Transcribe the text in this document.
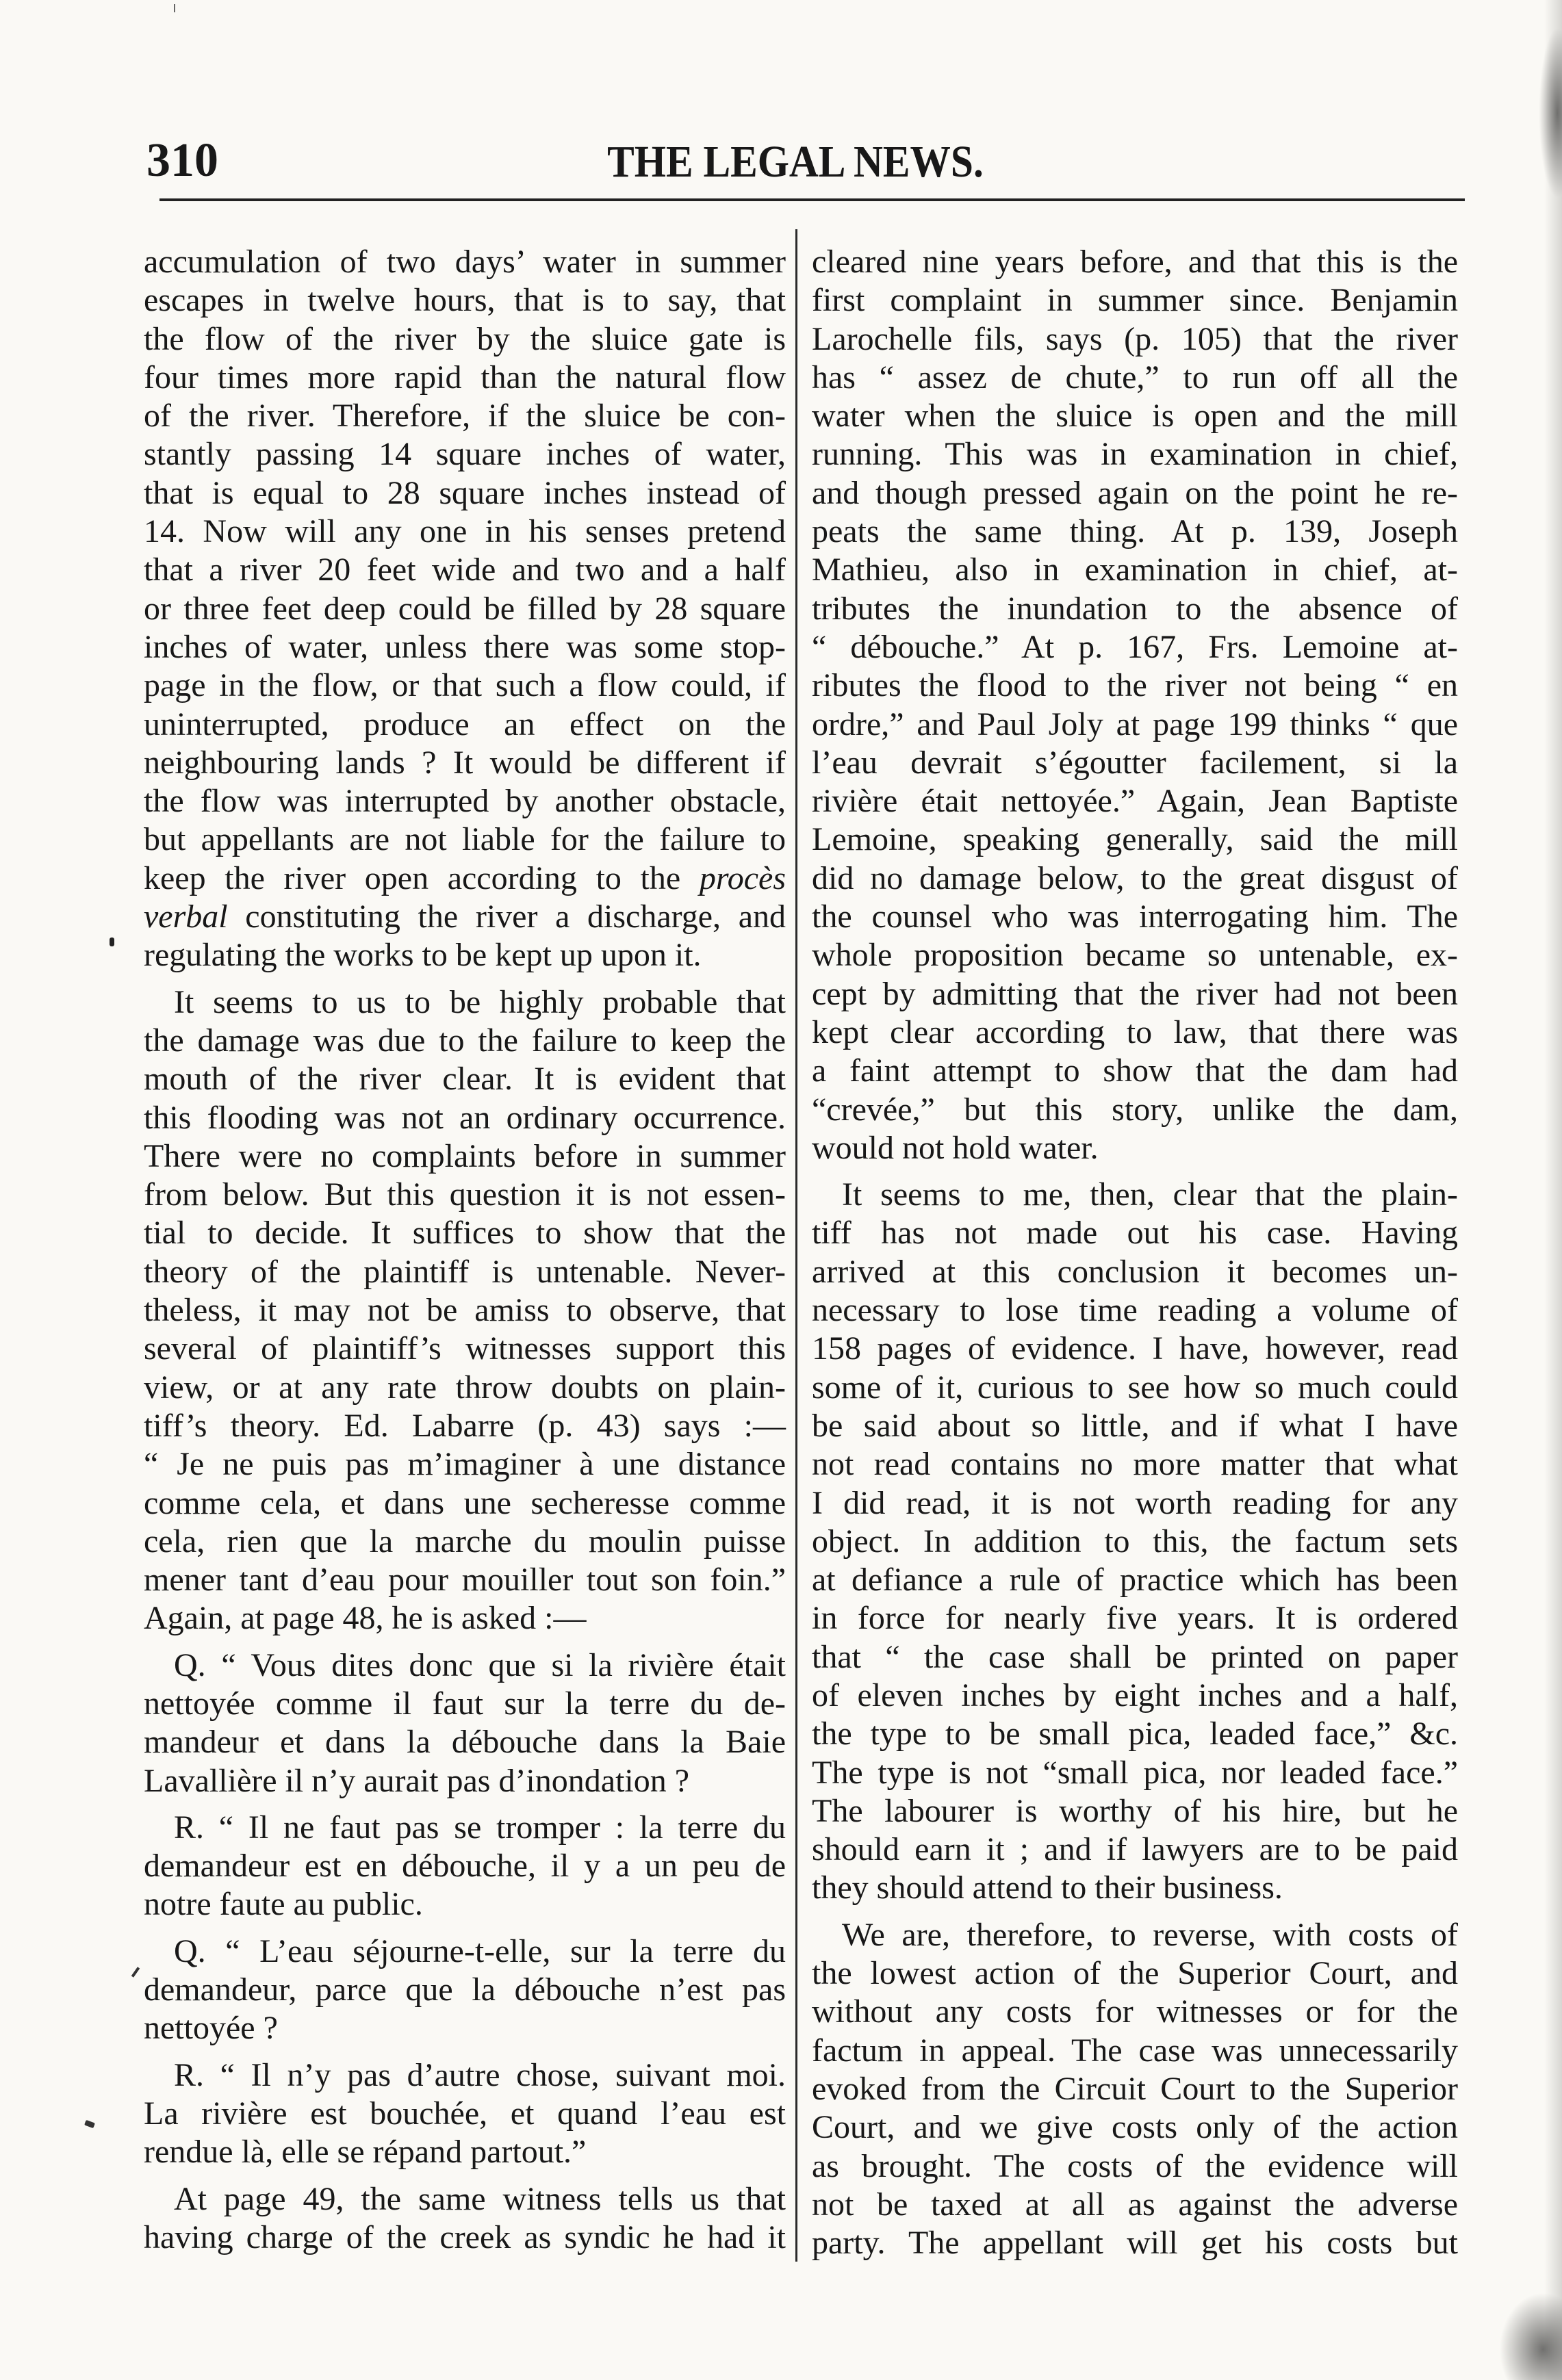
310	THE LEGAL NEWS.
accumulation of two days’ water in summer
escapes in twelve hours, that is to say, that
the flow of the river by the sluice gate is
four times more rapid than the natural flow
of the river. Therefore, if the sluice be con-
stantly passing 14 square inches of water,
that is equal to 28 square inches instead of
14. Now will any one in his senses pretend
that a river 20 feet wide and two and a half
or three feet deep could be filled by 28 square
inches of water, unless there was some stop-
page in the flow, or that such a flow could, if
uninterrupted, produce an effect on the
neighbouring lands ? It would be different if
the flow was interrupted by another obstacle,
but appellants are not liable for the failure to
keep the river open according to the procès
verbal constituting the river a discharge, and
regulating the works to be kept up upon it.
It seems to us to be highly probable that
the damage was due to the failure to keep the
mouth of the river clear. It is evident that
this flooding was not an ordinary occurrence.
There were no complaints before in summer
from below. But this question it is not essen-
tial to decide. It suffices to show that the
theory of the plaintiff is untenable. Never-
theless, it may not be amiss to observe, that
several of plaintiff’s witnesses support this
view, or at any rate throw doubts on plain-
tiff’s theory. Ed. Labarre (p. 43) says :—
“ Je ne puis pas m’imaginer à une distance
comme cela, et dans une secheresse comme
cela, rien que la marche du moulin puisse
mener tant d’eau pour mouiller tout son foin.”
Again, at page 48, he is asked :—
Q. “ Vous dites donc que si la rivière était
nettoyée comme il faut sur la terre du de-
mandeur et dans la débouche dans la Baie
Lavallière il n’y aurait pas d’inondation ?
R. “ Il ne faut pas se tromper : la terre du
demandeur est en débouche, il y a un peu de
notre faute au public.
Q. “ L’eau séjourne-t-elle, sur la terre du
demandeur, parce que la débouche n’est pas
nettoyée ?
R. “ Il n’y pas d’autre chose, suivant moi.
La rivière est bouchée, et quand l’eau est
rendue là, elle se répand partout.”
At page 49, the same witness tells us that
having charge of the creek as syndic he had it
cleared nine years before, and that this is the
first complaint in summer since. Benjamin
Larochelle fils, says (p. 105) that the river
has “ assez de chute,” to run off all the
water when the sluice is open and the mill
running. This was in examination in chief,
and though pressed again on the point he re-
peats the same thing. At p. 139, Joseph
Mathieu, also in examination in chief, at-
tributes the inundation to the absence of
“ débouche.” At p. 167, Frs. Lemoine at-
ributes the flood to the river not being “ en
ordre,” and Paul Joly at page 199 thinks “ que
l’eau devrait s’égoutter facilement, si la
rivière était nettoyée.” Again, Jean Baptiste
Lemoine, speaking generally, said the mill
did no damage below, to the great disgust of
the counsel who was interrogating him. The
whole proposition became so untenable, ex-
cept by admitting that the river had not been
kept clear according to law, that there was
a faint attempt to show that the dam had
“crevée,” but this story, unlike the dam,
would not hold water.
It seems to me, then, clear that the plain-
tiff has not made out his case. Having
arrived at this conclusion it becomes un-
necessary to lose time reading a volume of
158 pages of evidence. I have, however, read
some of it, curious to see how so much could
be said about so little, and if what I have
not read contains no more matter that what
I did read, it is not worth reading for any
object. In addition to this, the factum sets
at defiance a rule of practice which has been
in force for nearly five years. It is ordered
that “ the case shall be printed on paper
of eleven inches by eight inches and a half,
the type to be small pica, leaded face,” &c.
The type is not “small pica, nor leaded face.”
The labourer is worthy of his hire, but he
should earn it ; and if lawyers are to be paid
they should attend to their business.
We are, therefore, to reverse, with costs of
the lowest action of the Superior Court, and
without any costs for witnesses or for the
factum in appeal. The case was unnecessarily
evoked from the Circuit Court to the Superior
Court, and we give costs only of the action
as brought. The costs of the evidence will
not be taxed at all as against the adverse
party. The appellant will get his costs but
